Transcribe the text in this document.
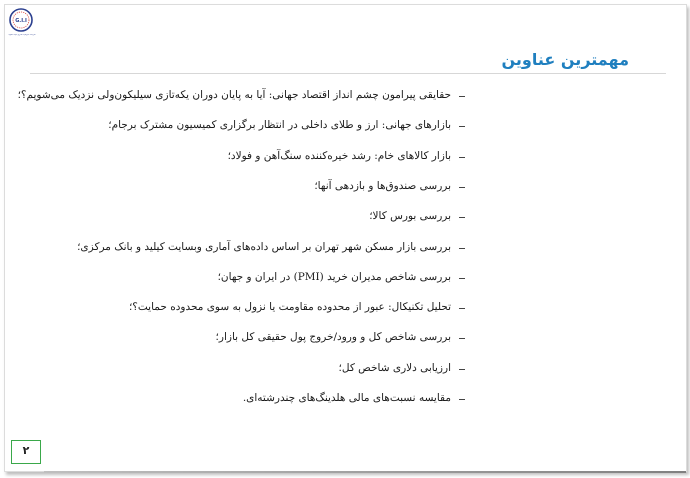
G.I.I
شرکت سرمایه گذاری آتیه دماوند
مهمترین عناوین
حقایقی پیرامون چشم انداز اقتصاد جهانی: آیا به پایان دوران یکه‌تازی سیلیکون‌ولی نزدیک می‌شویم؟؛
بازارهای جهانی: ارز و طلای داخلی در انتظار برگزاری کمیسیون مشترک برجام؛
بازار کالاهای خام: رشد خیره‌کننده سنگ‌آهن و فولاد؛
بررسی صندوق‌ها و بازدهی آنها؛
بررسی بورس کالا؛
بررسی بازار مسکن شهر تهران بر اساس داده‌های آماری وبسایت کیلید و بانک مرکزی؛
بررسی شاخص مدیران خرید (PMI) در ایران و جهان؛
تحلیل تکنیکال: عبور از محدوده مقاومت یا نزول به سوی محدوده حمایت؟؛
بررسی شاخص کل و ورود/خروج پول حقیقی کل بازار؛
ارزیابی دلاری شاخص کل؛
مقایسه نسبت‌های مالی هلدینگ‌های چندرشته‌ای.
۲
